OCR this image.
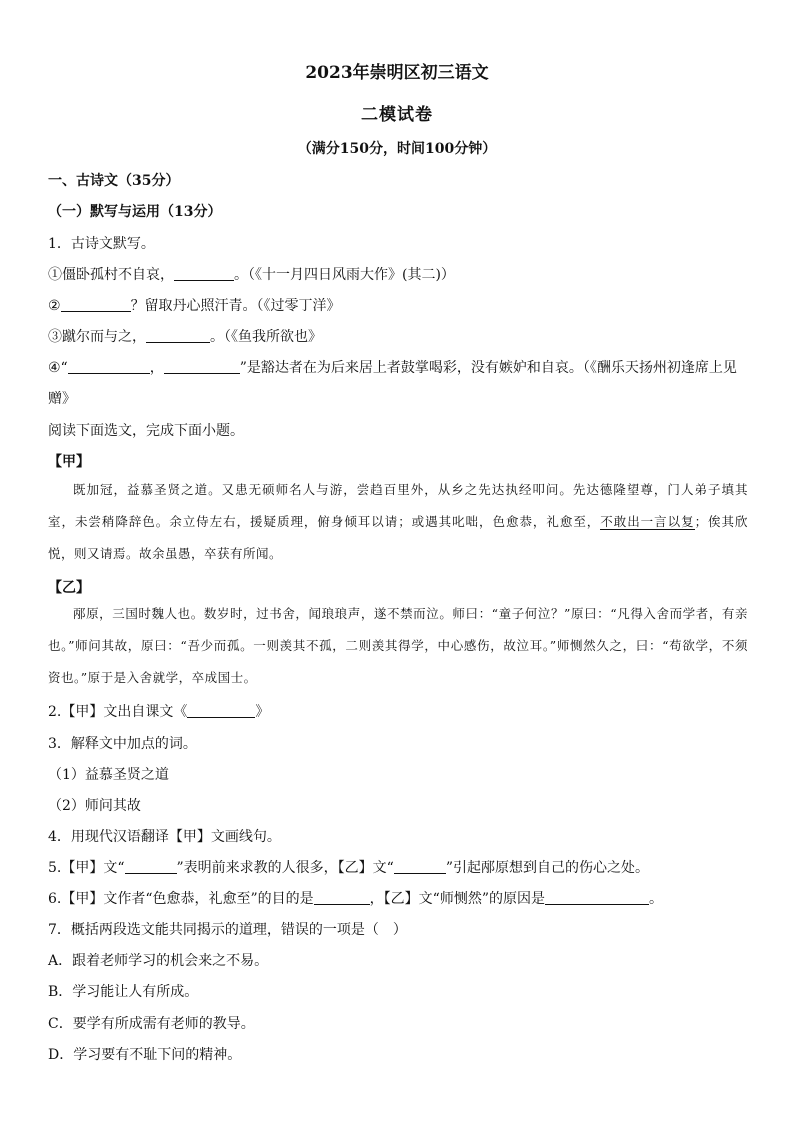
2023年崇明区初三语文
二模试卷
（满分150分，时间100分钟）
一、古诗文（35分）
（一）默写与运用（13分）
1．古诗文默写。
①僵卧孤村不自哀，	。（《十一月四日风雨大作》(其二)）
②	？留取丹心照汗青。（《过零丁洋》
③蹴尔而与之，	。（《鱼我所欲也》
④“	，	”是豁达者在为后来居上者鼓掌喝彩，没有嫉妒和自哀。（《酬乐天扬州初逢席上见
赠》
阅读下面选文，完成下面小题。
【甲】
既加冠，益慕圣贤之道。又患无硕师名人与游，尝趋百里外，从乡之先达执经叩问。先达德隆望尊，门人弟子填其室，未尝稍降辞色。余立侍左右，援疑质理，俯身倾耳以请；或遇其叱咄，色愈恭，礼愈至，不敢出一言以复；俟其欣悦，则又请焉。故余虽愚，卒获有所闻。
【乙】
邴原，三国时魏人也。数岁时，过书舍，闻琅琅声，遂不禁而泣。师曰：“童子何泣？”原曰：“凡得入舍而学者，有亲也。”师问其故，原曰：“吾少而孤。一则羡其不孤，二则羡其得学，中心感伤，故泣耳。”师恻然久之，曰：“苟欲学，不须资也。”原于是入舍就学，卒成国士。
2.【甲】文出自课文《	》
3．解释文中加点的词。
（1）益慕圣贤之道
（2）师问其故
4．用现代汉语翻译【甲】文画线句。
5.【甲】文“	”表明前来求教的人很多，【乙】文“	”引起邴原想到自己的伤心之处。
6.【甲】文作者“色愈恭，礼愈至”的目的是	，【乙】文“师恻然”的原因是	。
7．概括两段选文能共同揭示的道理，错误的一项是（　）
A．跟着老师学习的机会来之不易。
B．学习能让人有所成。
C．要学有所成需有老师的教导。
D．学习要有不耻下问的精神。
